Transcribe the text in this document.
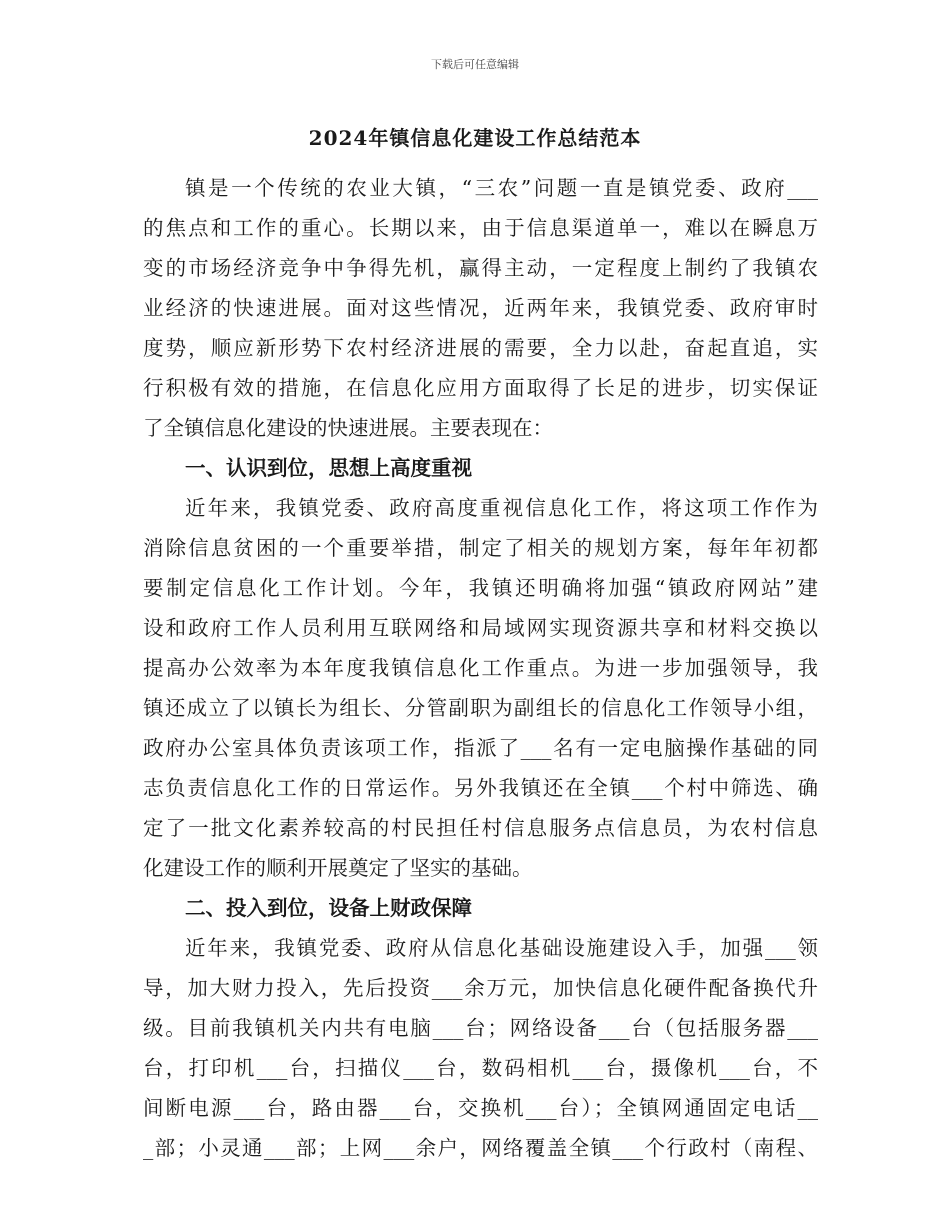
下载后可任意编辑
2024年镇信息化建设工作总结范本
镇是一个传统的农业大镇，“三农”问题一直是镇党委、政府___
的焦点和工作的重心。长期以来，由于信息渠道单一，难以在瞬息万
变的市场经济竞争中争得先机，赢得主动，一定程度上制约了我镇农
业经济的快速进展。面对这些情况，近两年来，我镇党委、政府审时
度势，顺应新形势下农村经济进展的需要，全力以赴，奋起直追，实
行积极有效的措施，在信息化应用方面取得了长足的进步，切实保证
了全镇信息化建设的快速进展。主要表现在：
一、认识到位，思想上高度重视
近年来，我镇党委、政府高度重视信息化工作，将这项工作作为
消除信息贫困的一个重要举措，制定了相关的规划方案，每年年初都
要制定信息化工作计划。今年，我镇还明确将加强“镇政府网站”建
设和政府工作人员利用互联网络和局域网实现资源共享和材料交换以
提高办公效率为本年度我镇信息化工作重点。为进一步加强领导，我
镇还成立了以镇长为组长、分管副职为副组长的信息化工作领导小组，
政府办公室具体负责该项工作，指派了___名有一定电脑操作基础的同
志负责信息化工作的日常运作。另外我镇还在全镇___个村中筛选、确
定了一批文化素养较高的村民担任村信息服务点信息员，为农村信息
化建设工作的顺利开展奠定了坚实的基础。
二、投入到位，设备上财政保障
近年来，我镇党委、政府从信息化基础设施建设入手，加强___领
导，加大财力投入，先后投资___余万元，加快信息化硬件配备换代升
级。目前我镇机关内共有电脑___台；网络设备___台（包括服务器___
台，打印机___台，扫描仪___台，数码相机___台，摄像机___台，不
间断电源___台，路由器___台，交换机___台）；全镇网通固定电话__
_部；小灵通___部；上网___余户，网络覆盖全镇___个行政村（南程、
